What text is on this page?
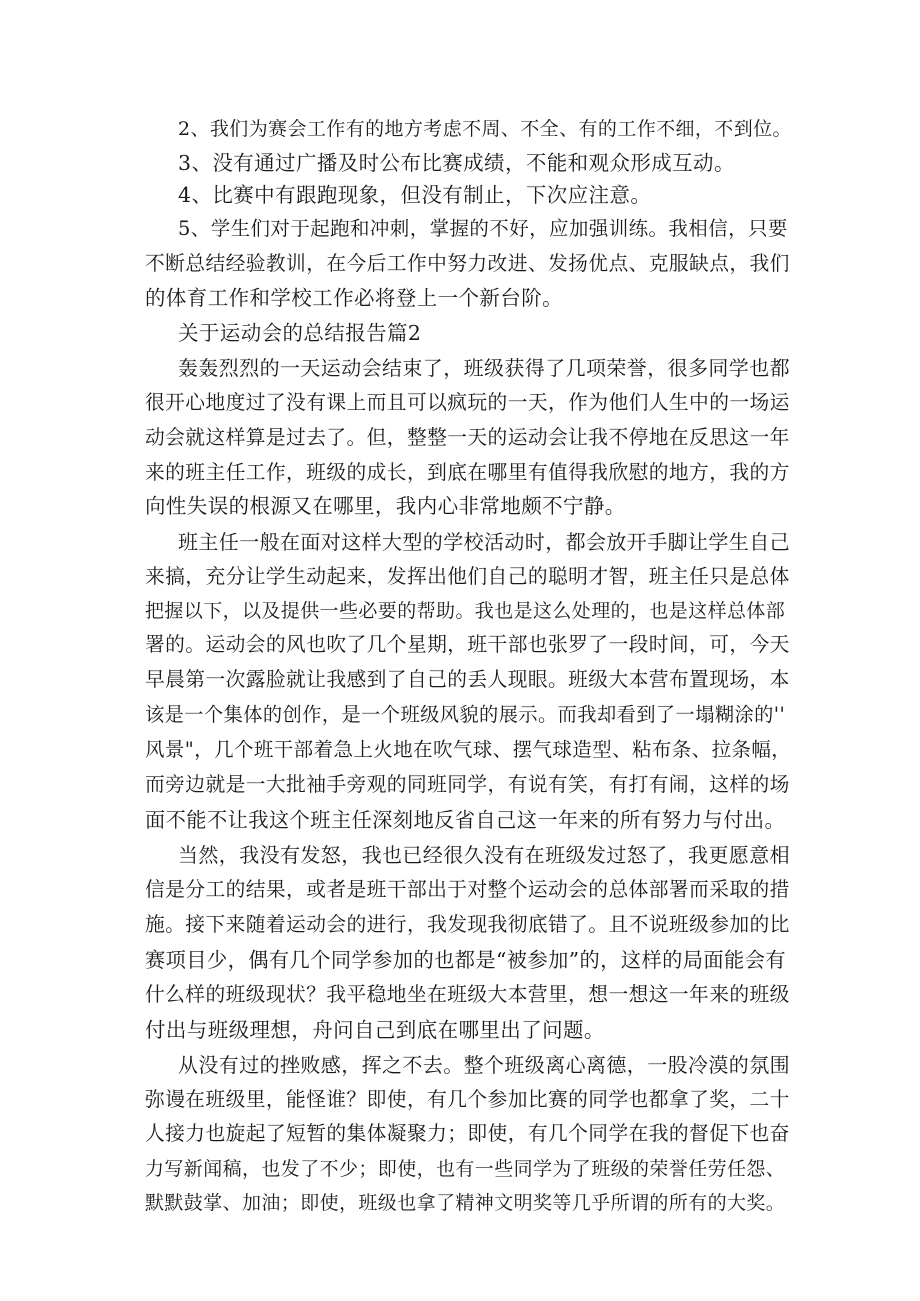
2、我们为赛会工作有的地方考虑不周、不全、有的工作不细，不到位。
3、没有通过广播及时公布比赛成绩，不能和观众形成互动。
4、比赛中有跟跑现象，但没有制止，下次应注意。
5、学生们对于起跑和冲刺，掌握的不好，应加强训练。我相信，只要
不断总结经验教训，在今后工作中努力改进、发扬优点、克服缺点，我们
的体育工作和学校工作必将登上一个新台阶。
关于运动会的总结报告篇2
轰轰烈烈的一天运动会结束了，班级获得了几项荣誉，很多同学也都
很开心地度过了没有课上而且可以疯玩的一天，作为他们人生中的一场运
动会就这样算是过去了。但，整整一天的运动会让我不停地在反思这一年
来的班主任工作，班级的成长，到底在哪里有值得我欣慰的地方，我的方
向性失误的根源又在哪里，我内心非常地颇不宁静。
班主任一般在面对这样大型的学校活动时，都会放开手脚让学生自己
来搞，充分让学生动起来，发挥出他们自己的聪明才智，班主任只是总体
把握以下，以及提供一些必要的帮助。我也是这么处理的，也是这样总体部
署的。运动会的风也吹了几个星期，班干部也张罗了一段时间，可，今天
早晨第一次露脸就让我感到了自己的丢人现眼。班级大本营布置现场，本
该是一个集体的创作，是一个班级风貌的展示。而我却看到了一塌糊涂的''
风景"，几个班干部着急上火地在吹气球、摆气球造型、粘布条、拉条幅，
而旁边就是一大批袖手旁观的同班同学，有说有笑，有打有闹，这样的场
面不能不让我这个班主任深刻地反省自己这一年来的所有努力与付出。
当然，我没有发怒，我也已经很久没有在班级发过怒了，我更愿意相
信是分工的结果，或者是班干部出于对整个运动会的总体部署而采取的措
施。接下来随着运动会的进行，我发现我彻底错了。且不说班级参加的比
赛项目少，偶有几个同学参加的也都是“被参加”的，这样的局面能会有
什么样的班级现状？我平稳地坐在班级大本营里，想一想这一年来的班级
付出与班级理想，舟问自己到底在哪里出了问题。
从没有过的挫败感，挥之不去。整个班级离心离德，一股冷漠的氛围
弥谩在班级里，能怪谁？即使，有几个参加比赛的同学也都拿了奖，二十
人接力也旋起了短暂的集体凝聚力；即使，有几个同学在我的督促下也奋
力写新闻稿，也发了不少；即使，也有一些同学为了班级的荣誉任劳任怨、
默默鼓掌、加油；即使，班级也拿了精神文明奖等几乎所谓的所有的大奖。
